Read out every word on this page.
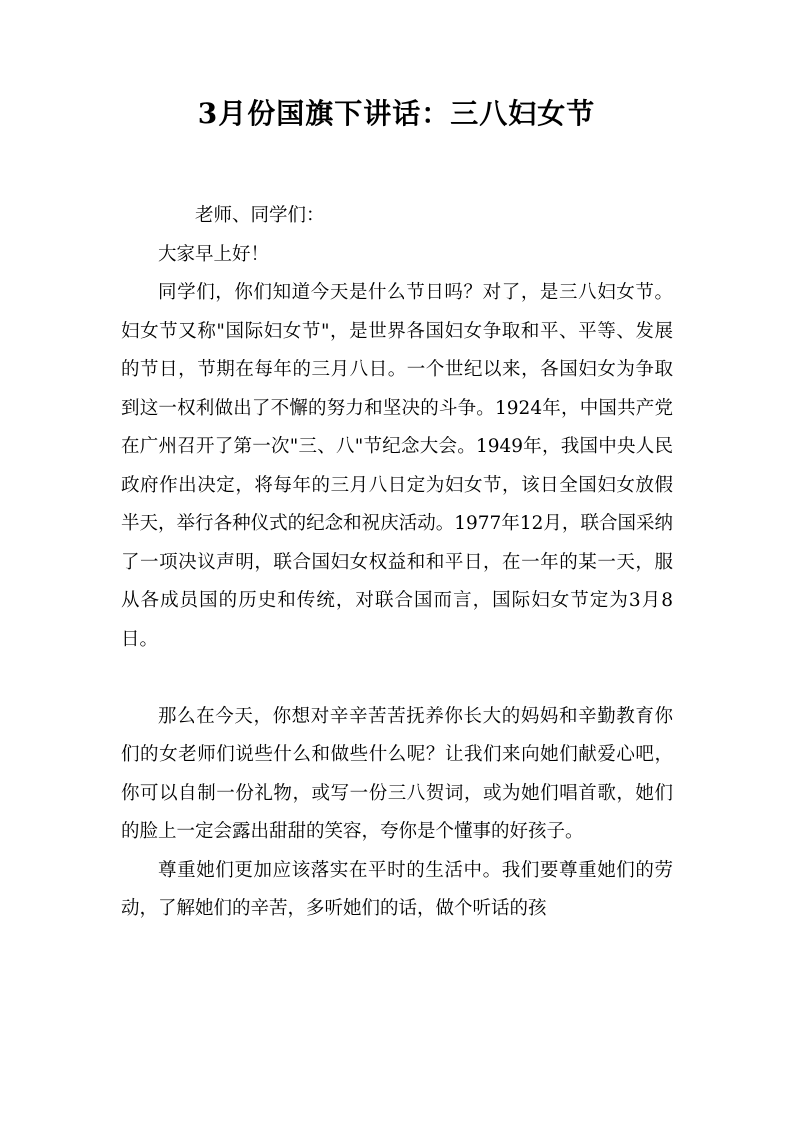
3月份国旗下讲话：三八妇女节

老师、同学们：

大家早上好！

同学们，你们知道今天是什么节日吗？对了，是三八妇女节。妇女节又称"国际妇女节"，是世界各国妇女争取和平、平等、发展的节日，节期在每年的三月八日。一个世纪以来，各国妇女为争取到这一权利做出了不懈的努力和坚决的斗争。1924年，中国共产党在广州召开了第一次"三、八"节纪念大会。1949年，我国中央人民政府作出决定，将每年的三月八日定为妇女节，该日全国妇女放假半天，举行各种仪式的纪念和祝庆活动。1977年12月，联合国采纳了一项决议声明，联合国妇女权益和和平日，在一年的某一天，服从各成员国的历史和传统，对联合国而言，国际妇女节定为3月8日。

那么在今天，你想对辛辛苦苦抚养你长大的妈妈和辛勤教育你们的女老师们说些什么和做些什么呢？让我们来向她们献爱心吧，你可以自制一份礼物，或写一份三八贺词，或为她们唱首歌，她们的脸上一定会露出甜甜的笑容，夸你是个懂事的好孩子。

尊重她们更加应该落实在平时的生活中。我们要尊重她们的劳动，了解她们的辛苦，多听她们的话，做个听话的孩
